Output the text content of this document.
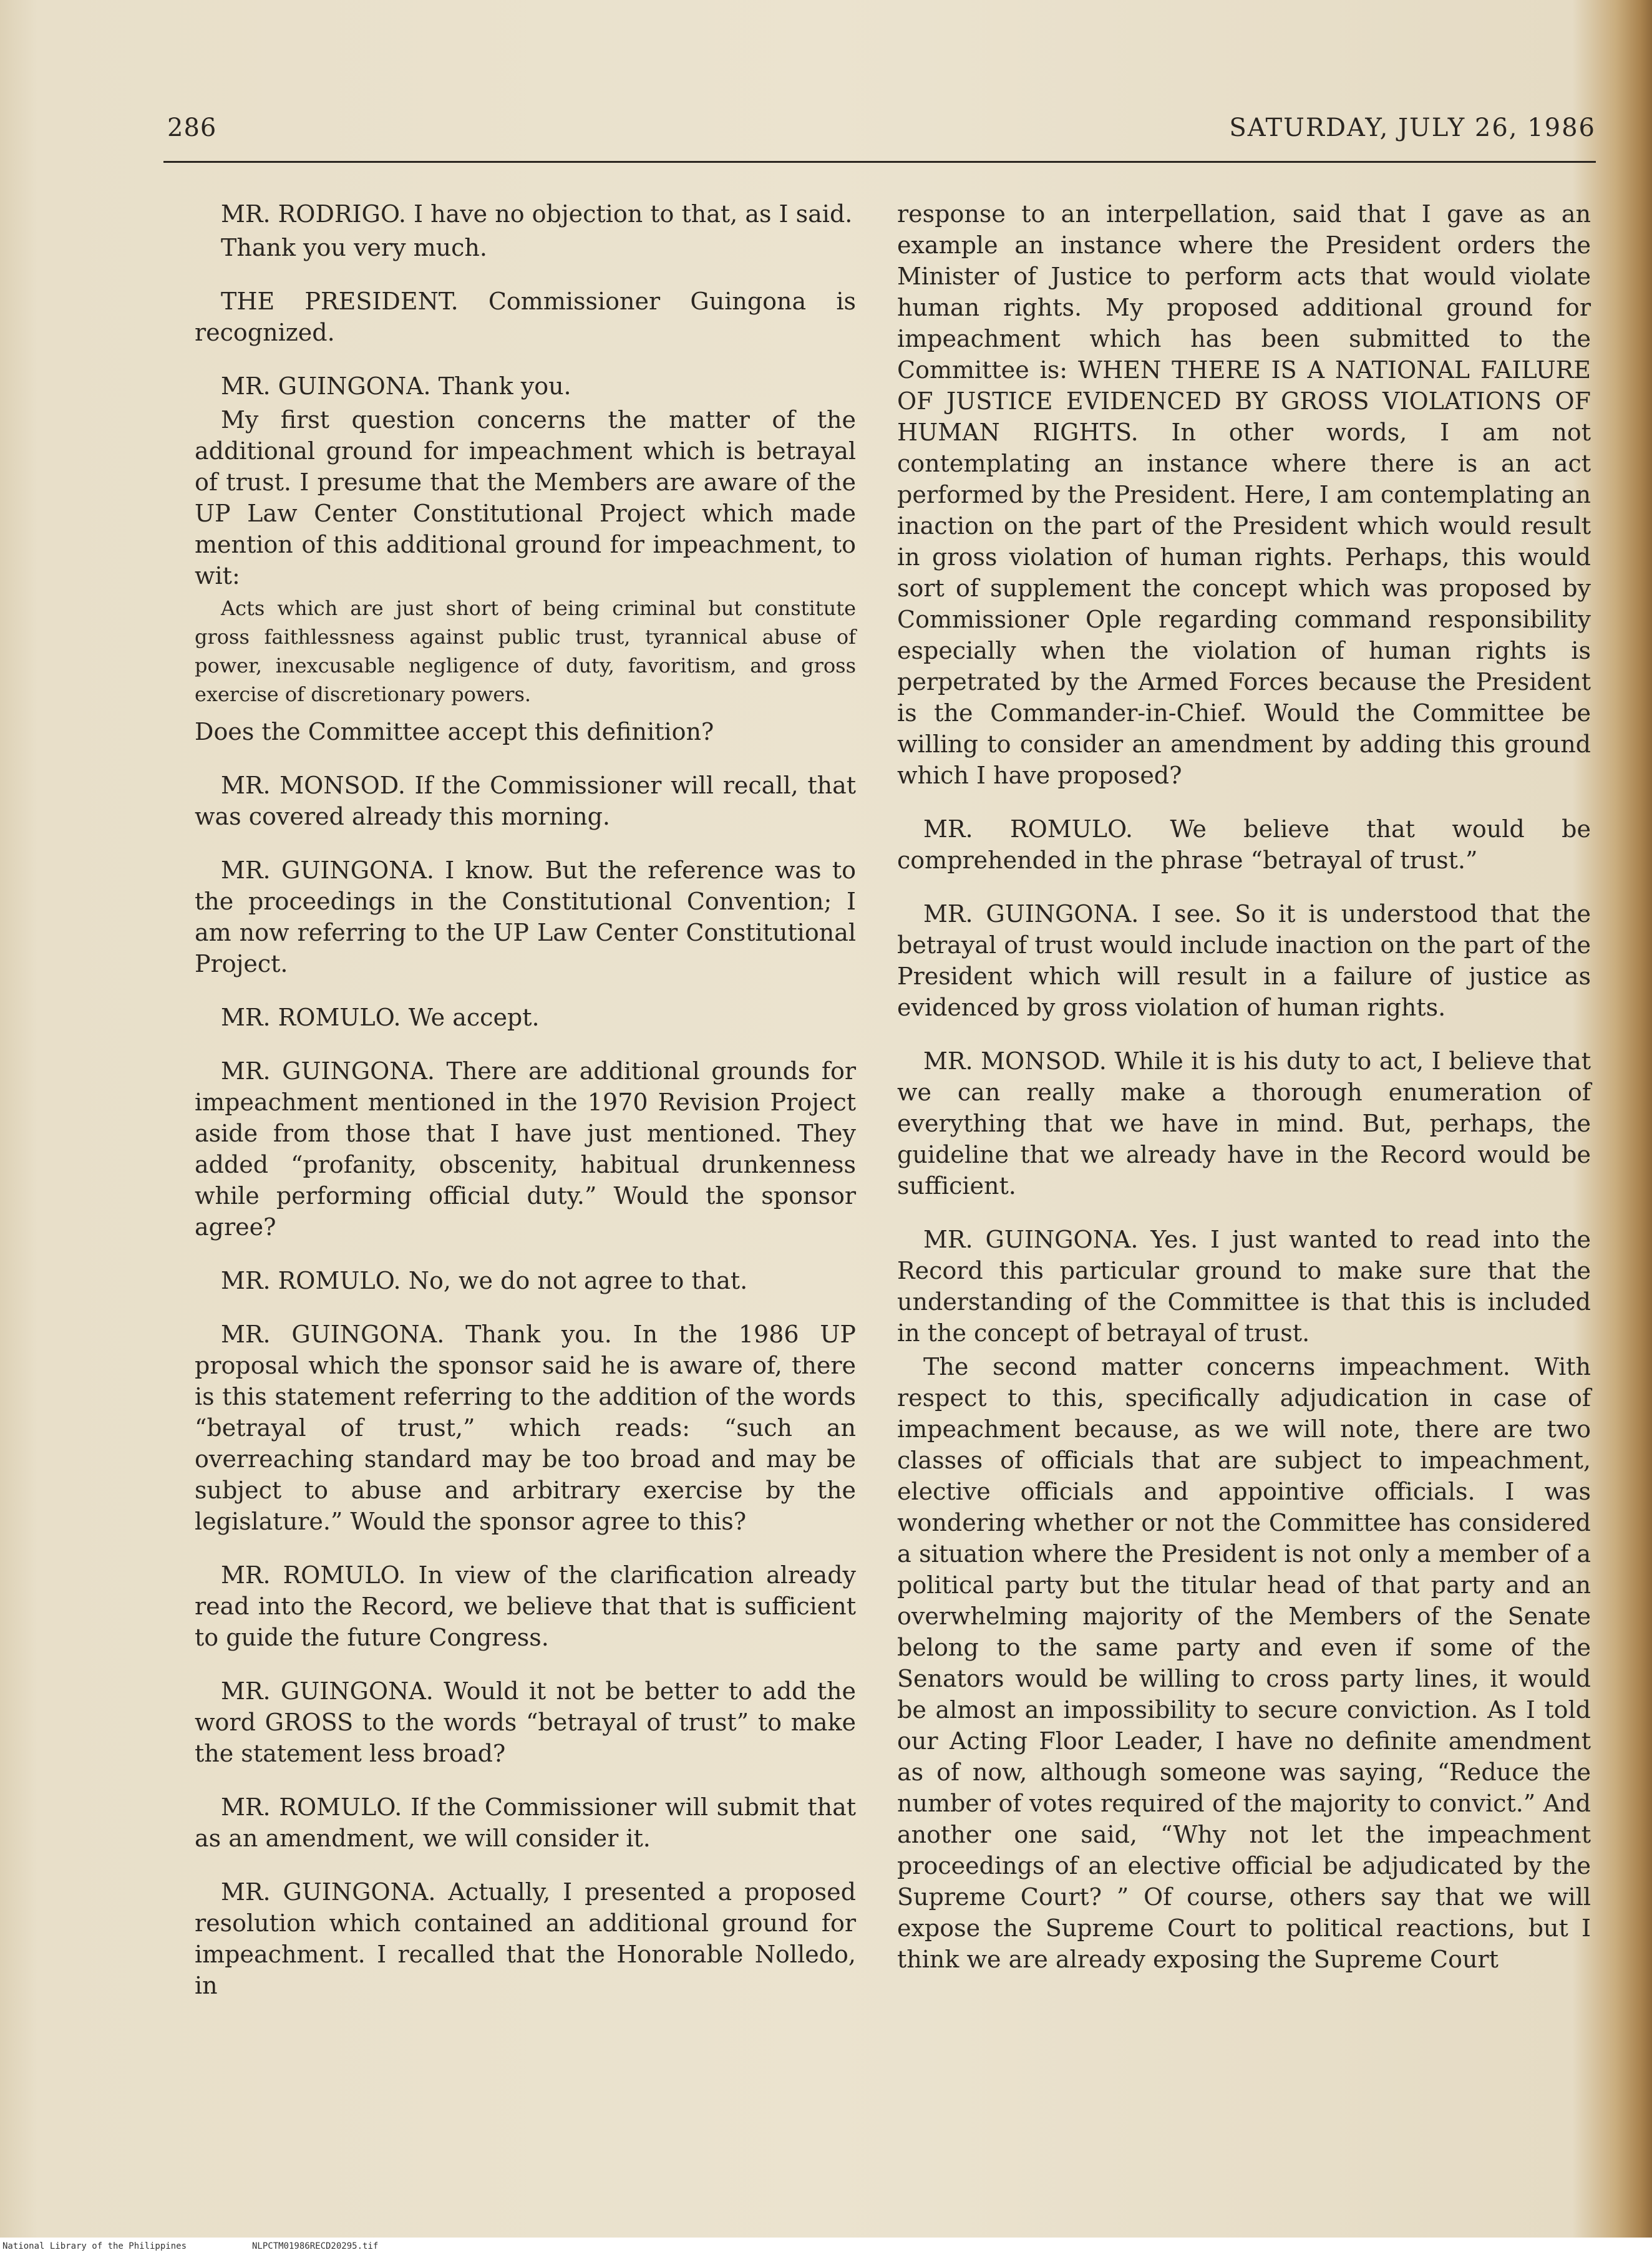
286	SATURDAY, JULY 26, 1986

MR. RODRIGO. I have no objection to that, as I said.

Thank you very much.

THE PRESIDENT. Commissioner Guingona is recognized.

MR. GUINGONA. Thank you.

My first question concerns the matter of the additional ground for impeachment which is betrayal of trust. I presume that the Members are aware of the UP Law Center Constitutional Project which made mention of this additional ground for impeachment, to wit:

Acts which are just short of being criminal but constitute gross faithlessness against public trust, tyrannical abuse of power, inexcusable negligence of duty, favoritism, and gross exercise of discretionary powers.

Does the Committee accept this definition?

MR. MONSOD. If the Commissioner will recall, that was covered already this morning.

MR. GUINGONA. I know. But the reference was to the proceedings in the Constitutional Convention; I am now referring to the UP Law Center Constitutional Project.

MR. ROMULO. We accept.

MR. GUINGONA. There are additional grounds for impeachment mentioned in the 1970 Revision Project aside from those that I have just mentioned. They added “profanity, obscenity, habitual drunkenness while performing official duty.” Would the sponsor agree?

MR. ROMULO. No, we do not agree to that.

MR. GUINGONA. Thank you. In the 1986 UP proposal which the sponsor said he is aware of, there is this statement referring to the addition of the words “betrayal of trust,” which reads: “such an overreaching standard may be too broad and may be subject to abuse and arbitrary exercise by the legislature.” Would the sponsor agree to this?

MR. ROMULO. In view of the clarification already read into the Record, we believe that that is sufficient to guide the future Congress.

MR. GUINGONA. Would it not be better to add the word GROSS to the words “betrayal of trust” to make the statement less broad?

MR. ROMULO. If the Commissioner will submit that as an amendment, we will consider it.

MR. GUINGONA. Actually, I presented a proposed resolution which contained an additional ground for impeachment. I recalled that the Honorable Nolledo, in

response to an interpellation, said that I gave as an example an instance where the President orders the Minister of Justice to perform acts that would violate human rights. My proposed additional ground for impeachment which has been submitted to the Committee is: WHEN THERE IS A NATIONAL FAILURE OF JUSTICE EVIDENCED BY GROSS VIOLATIONS OF HUMAN RIGHTS. In other words, I am not contemplating an instance where there is an act performed by the President. Here, I am contemplating an inaction on the part of the President which would result in gross violation of human rights. Perhaps, this would sort of supplement the concept which was proposed by Commissioner Ople regarding command responsibility especially when the violation of human rights is perpetrated by the Armed Forces because the President is the Commander-in-Chief. Would the Committee be willing to consider an amendment by adding this ground which I have proposed?

MR. ROMULO. We believe that would be comprehended in the phrase “betrayal of trust.”

MR. GUINGONA. I see. So it is understood that the betrayal of trust would include inaction on the part of the President which will result in a failure of justice as evidenced by gross violation of human rights.

MR. MONSOD. While it is his duty to act, I believe that we can really make a thorough enumeration of everything that we have in mind. But, perhaps, the guideline that we already have in the Record would be sufficient.

MR. GUINGONA. Yes. I just wanted to read into the Record this particular ground to make sure that the understanding of the Committee is that this is included in the concept of betrayal of trust.

The second matter concerns impeachment. With respect to this, specifically adjudication in case of impeachment because, as we will note, there are two classes of officials that are subject to impeachment, elective officials and appointive officials. I was wondering whether or not the Committee has considered a situation where the President is not only a member of a political party but the titular head of that party and an overwhelming majority of the Members of the Senate belong to the same party and even if some of the Senators would be willing to cross party lines, it would be almost an impossibility to secure conviction. As I told our Acting Floor Leader, I have no definite amendment as of now, although someone was saying, “Reduce the number of votes required of the majority to convict.” And another one said, “Why not let the impeachment proceedings of an elective official be adjudicated by the Supreme Court? ” Of course, others say that we will expose the Supreme Court to political reactions, but I think we are already exposing the Supreme Court

National Library of the Philippines	NLPCTM01986RECD20295.tif
